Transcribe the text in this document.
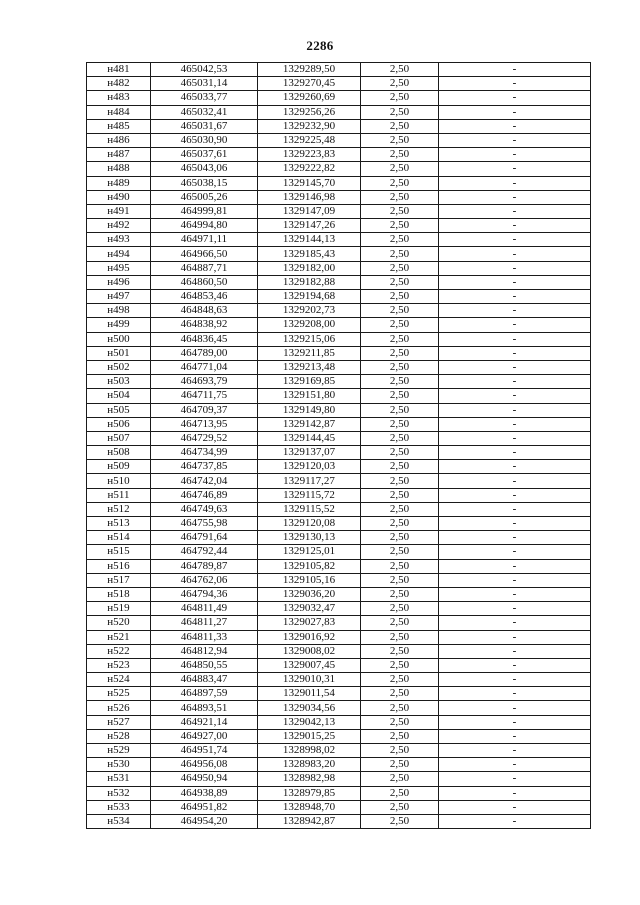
2286
н481	465042,53	1329289,50	2,50	-
н482	465031,14	1329270,45	2,50	-
н483	465033,77	1329260,69	2,50	-
н484	465032,41	1329256,26	2,50	-
н485	465031,67	1329232,90	2,50	-
н486	465030,90	1329225,48	2,50	-
н487	465037,61	1329223,83	2,50	-
н488	465043,06	1329222,82	2,50	-
н489	465038,15	1329145,70	2,50	-
н490	465005,26	1329146,98	2,50	-
н491	464999,81	1329147,09	2,50	-
н492	464994,80	1329147,26	2,50	-
н493	464971,11	1329144,13	2,50	-
н494	464966,50	1329185,43	2,50	-
н495	464887,71	1329182,00	2,50	-
н496	464860,50	1329182,88	2,50	-
н497	464853,46	1329194,68	2,50	-
н498	464848,63	1329202,73	2,50	-
н499	464838,92	1329208,00	2,50	-
н500	464836,45	1329215,06	2,50	-
н501	464789,00	1329211,85	2,50	-
н502	464771,04	1329213,48	2,50	-
н503	464693,79	1329169,85	2,50	-
н504	464711,75	1329151,80	2,50	-
н505	464709,37	1329149,80	2,50	-
н506	464713,95	1329142,87	2,50	-
н507	464729,52	1329144,45	2,50	-
н508	464734,99	1329137,07	2,50	-
н509	464737,85	1329120,03	2,50	-
н510	464742,04	1329117,27	2,50	-
н511	464746,89	1329115,72	2,50	-
н512	464749,63	1329115,52	2,50	-
н513	464755,98	1329120,08	2,50	-
н514	464791,64	1329130,13	2,50	-
н515	464792,44	1329125,01	2,50	-
н516	464789,87	1329105,82	2,50	-
н517	464762,06	1329105,16	2,50	-
н518	464794,36	1329036,20	2,50	-
н519	464811,49	1329032,47	2,50	-
н520	464811,27	1329027,83	2,50	-
н521	464811,33	1329016,92	2,50	-
н522	464812,94	1329008,02	2,50	-
н523	464850,55	1329007,45	2,50	-
н524	464883,47	1329010,31	2,50	-
н525	464897,59	1329011,54	2,50	-
н526	464893,51	1329034,56	2,50	-
н527	464921,14	1329042,13	2,50	-
н528	464927,00	1329015,25	2,50	-
н529	464951,74	1328998,02	2,50	-
н530	464956,08	1328983,20	2,50	-
н531	464950,94	1328982,98	2,50	-
н532	464938,89	1328979,85	2,50	-
н533	464951,82	1328948,70	2,50	-
н534	464954,20	1328942,87	2,50	-
